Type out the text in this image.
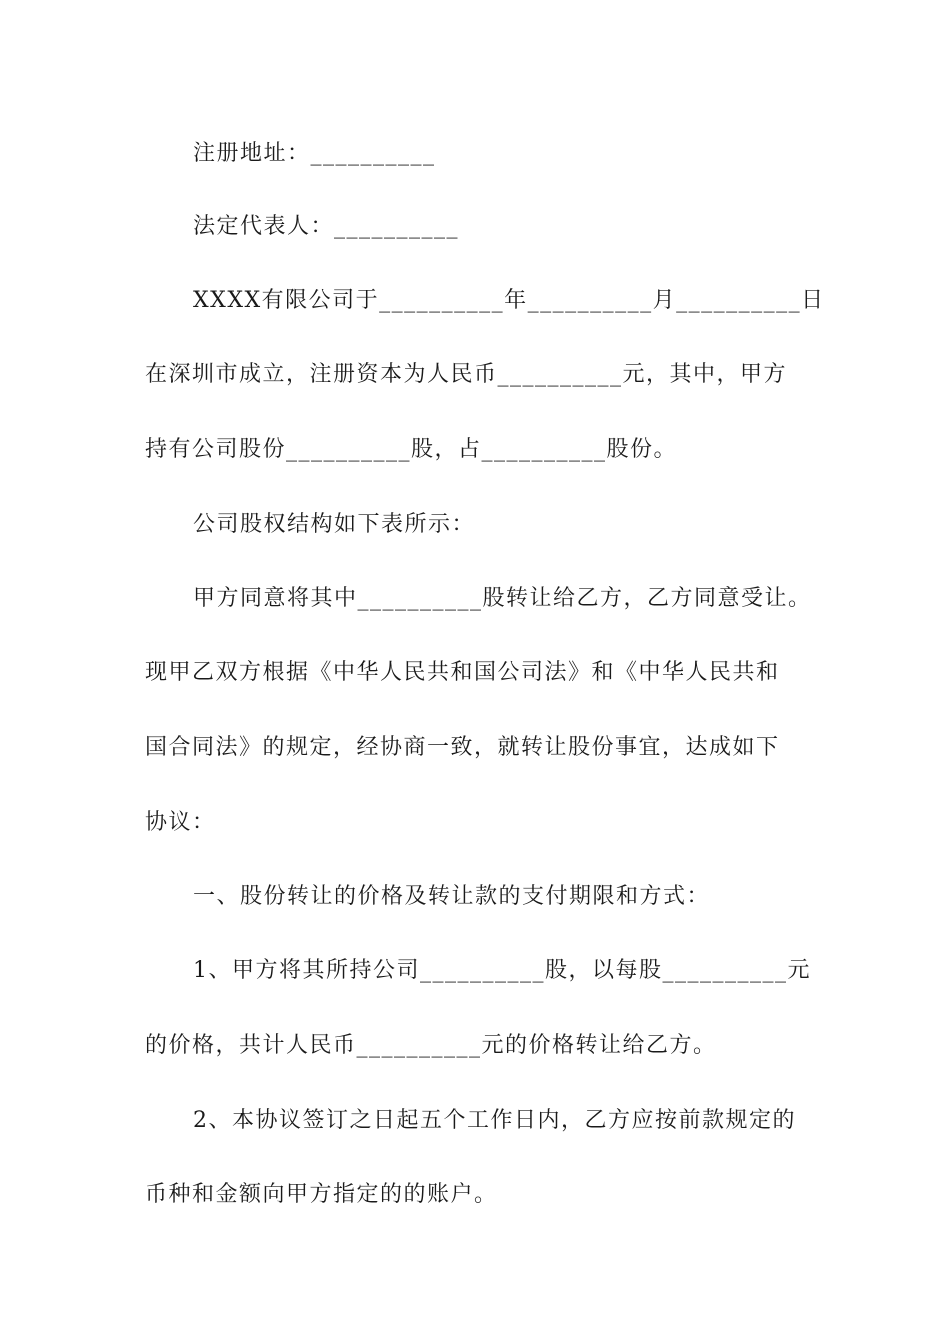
注册地址：__________
法定代表人：__________
XXXX有限公司于__________年__________月__________日
在深圳市成立，注册资本为人民币__________元，其中，甲方
持有公司股份__________股，占__________股份。
公司股权结构如下表所示：
甲方同意将其中__________股转让给乙方，乙方同意受让。
现甲乙双方根据《中华人民共和国公司法》和《中华人民共和
国合同法》的规定，经协商一致，就转让股份事宜，达成如下
协议：
一、股份转让的价格及转让款的支付期限和方式：
1、甲方将其所持公司__________股，以每股__________元
的价格，共计人民币__________元的价格转让给乙方。
2、本协议签订之日起五个工作日内，乙方应按前款规定的
币种和金额向甲方指定的的账户。
